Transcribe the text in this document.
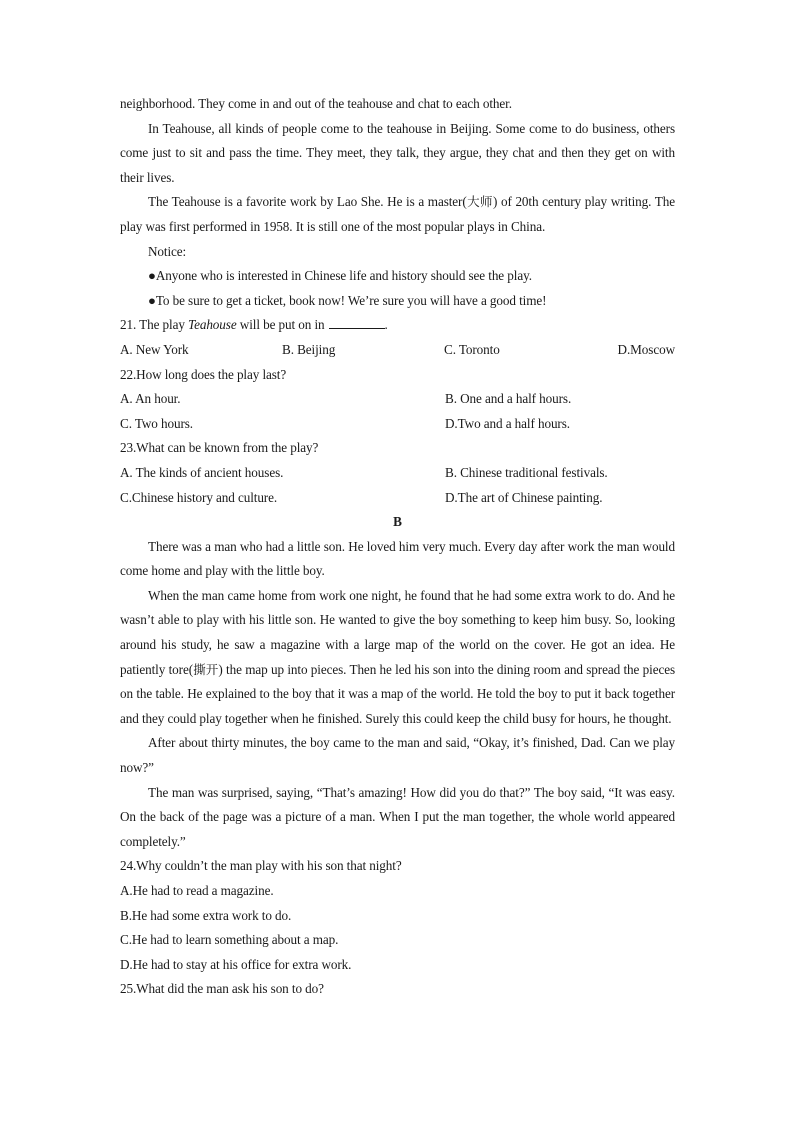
neighborhood. They come in and out of the teahouse and chat to each other.
In Teahouse, all kinds of people come to the teahouse in Beijing. Some come to do business, others come just to sit and pass the time. They meet, they talk, they argue, they chat and then they get on with their lives.
The Teahouse is a favorite work by Lao She. He is a master(大师) of 20th century play writing. The play was first performed in 1958. It is still one of the most popular plays in China.
Notice:
●Anyone who is interested in Chinese life and history should see the play.
●To be sure to get a ticket, book now! We’re sure you will have a good time!
21. The play Teahouse will be put on in	.
A. New York	B. Beijing	C. Toronto	D.Moscow
22.How long does the play last?
A. An hour.	B. One and a half hours.
C. Two hours.	D.Two and a half hours.
23.What can be known from the play?
A. The kinds of ancient houses.	B. Chinese traditional festivals.
C.Chinese history and culture.	D.The art of Chinese painting.
B
There was a man who had a little son. He loved him very much. Every day after work the man would come home and play with the little boy.
When the man came home from work one night, he found that he had some extra work to do. And he wasn’t able to play with his little son. He wanted to give the boy something to keep him busy. So, looking around his study, he saw a magazine with a large map of the world on the cover. He got an idea. He patiently tore(撕开) the map up into pieces. Then he led his son into the dining room and spread the pieces on the table. He explained to the boy that it was a map of the world. He told the boy to put it back together and they could play together when he finished. Surely this could keep the child busy for hours, he thought.
After about thirty minutes, the boy came to the man and said, “Okay, it’s finished, Dad. Can we play now?”
The man was surprised, saying, “That’s amazing! How did you do that?” The boy said, “It was easy. On the back of the page was a picture of a man. When I put the man together, the whole world appeared completely.”
24.Why couldn’t the man play with his son that night?
A.He had to read a magazine.
B.He had some extra work to do.
C.He had to learn something about a map.
D.He had to stay at his office for extra work.
25.What did the man ask his son to do?
